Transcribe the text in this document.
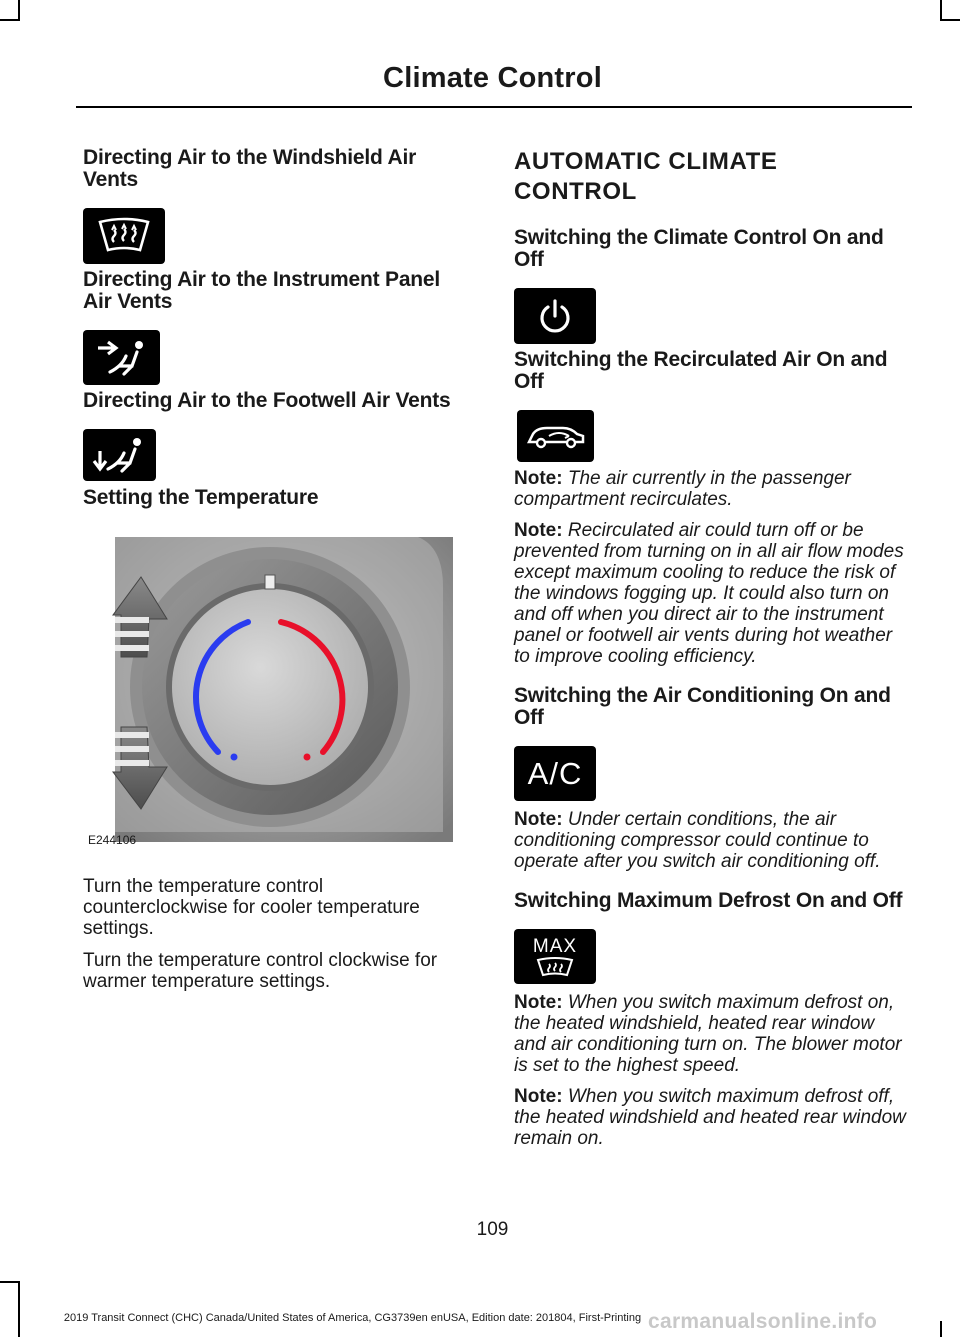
Climate Control
Directing Air to the Windshield Air Vents
Directing Air to the Instrument Panel Air Vents
Directing Air to the Footwell Air Vents
Setting the Temperature
E244106
Turn the temperature control counterclockwise for cooler temperature settings.
Turn the temperature control clockwise for warmer temperature settings.
AUTOMATIC CLIMATE CONTROL
Switching the Climate Control On and Off
Switching the Recirculated Air On and Off
Note: The air currently in the passenger compartment recirculates.
Note: Recirculated air could turn off or be prevented from turning on in all air flow modes except maximum cooling to reduce the risk of the windows fogging up. It could also turn on and off when you direct air to the instrument panel or footwell air vents during hot weather to improve cooling efficiency.
Switching the Air Conditioning On and Off
A/C
Note: Under certain conditions, the air conditioning compressor could continue to operate after you switch air conditioning off.
Switching Maximum Defrost On and Off
MAX
Note: When you switch maximum defrost on, the heated windshield, heated rear window and air conditioning turn on. The blower motor is set to the highest speed.
Note: When you switch maximum defrost off, the heated windshield and heated rear window remain on.
109
2019 Transit Connect (CHC) Canada/United States of America, CG3739en enUSA, Edition date: 201804, First-Printing carmanualsonline.info
